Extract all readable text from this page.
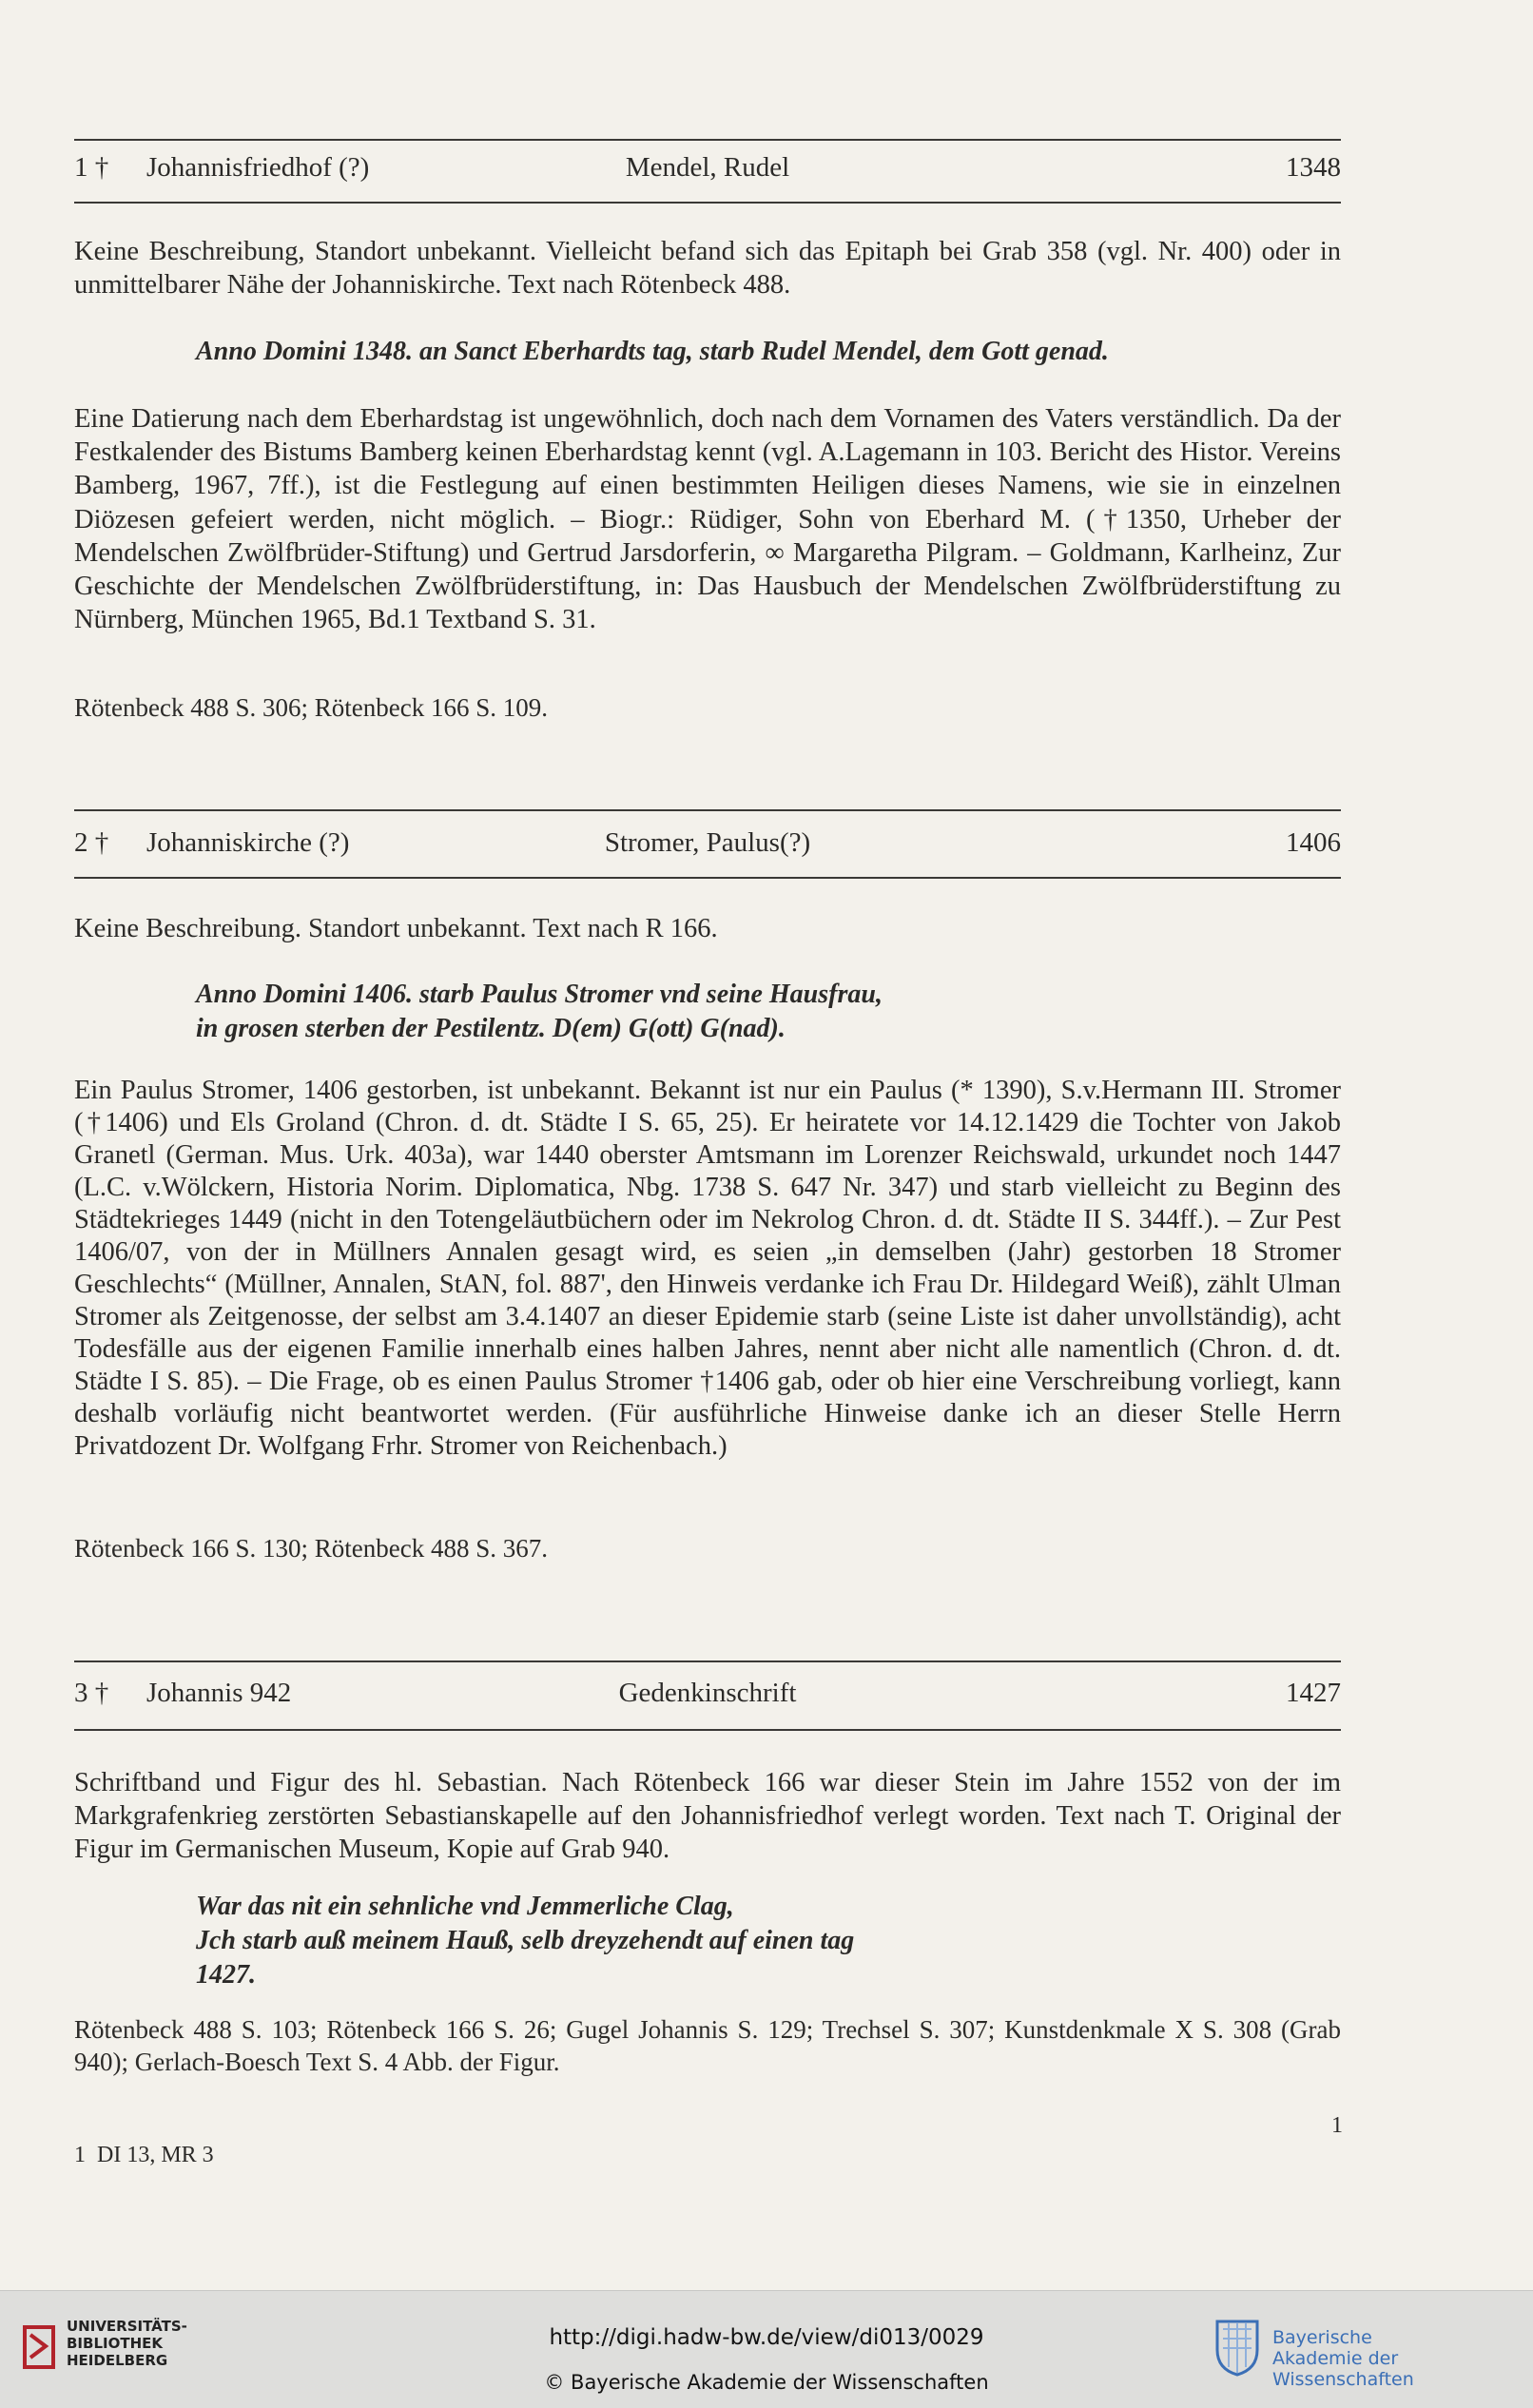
1 † Johannisfriedhof (?)	Mendel, Rudel	1348

Keine Beschreibung, Standort unbekannt. Vielleicht befand sich das Epitaph bei Grab 358 (vgl. Nr. 400) oder in unmittelbarer Nähe der Johanniskirche. Text nach Rötenbeck 488.

Anno Domini 1348. an Sanct Eberhardts tag, starb Rudel Mendel, dem Gott genad.

Eine Datierung nach dem Eberhardstag ist ungewöhnlich, doch nach dem Vornamen des Vaters verständlich. Da der Festkalender des Bistums Bamberg keinen Eberhardstag kennt (vgl. A.Lagemann in 103. Bericht des Histor. Vereins Bamberg, 1967, 7ff.), ist die Festlegung auf einen bestimmten Heiligen dieses Namens, wie sie in einzelnen Diözesen gefeiert werden, nicht möglich. – Biogr.: Rüdiger, Sohn von Eberhard M. (†1350, Urheber der Mendelschen Zwölfbrüder-Stiftung) und Gertrud Jarsdorferin, ∞ Margaretha Pilgram. – Goldmann, Karlheinz, Zur Geschichte der Mendelschen Zwölfbrüderstiftung, in: Das Hausbuch der Mendelschen Zwölfbrüderstiftung zu Nürnberg, München 1965, Bd.1 Textband S. 31.

Rötenbeck 488 S. 306; Rötenbeck 166 S. 109.

2 † Johanniskirche (?)	Stromer, Paulus(?)	1406

Keine Beschreibung. Standort unbekannt. Text nach R 166.

Anno Domini 1406. starb Paulus Stromer vnd seine Hausfrau,
in grosen sterben der Pestilentz. D(em) G(ott) G(nad).

Ein Paulus Stromer, 1406 gestorben, ist unbekannt. Bekannt ist nur ein Paulus (* 1390), S.v.Hermann III. Stromer (†1406) und Els Groland (Chron. d. dt. Städte I S. 65, 25). Er heiratete vor 14.12.1429 die Tochter von Jakob Granetl (German. Mus. Urk. 403a), war 1440 oberster Amtsmann im Lorenzer Reichswald, urkundet noch 1447 (L.C. v.Wölckern, Historia Norim. Diplomatica, Nbg. 1738 S. 647 Nr. 347) und starb vielleicht zu Beginn des Städtekrieges 1449 (nicht in den Totengeläutbüchern oder im Nekrolog Chron. d. dt. Städte II S. 344ff.). – Zur Pest 1406/07, von der in Müllners Annalen gesagt wird, es seien „in demselben (Jahr) gestorben 18 Stromer Geschlechts“ (Müllner, Annalen, StAN, fol. 887', den Hinweis verdanke ich Frau Dr. Hildegard Weiß), zählt Ulman Stromer als Zeitgenosse, der selbst am 3.4.1407 an dieser Epidemie starb (seine Liste ist daher unvollständig), acht Todesfälle aus der eigenen Familie innerhalb eines halben Jahres, nennt aber nicht alle namentlich (Chron. d. dt. Städte I S. 85). – Die Frage, ob es einen Paulus Stromer †1406 gab, oder ob hier eine Verschreibung vorliegt, kann deshalb vorläufig nicht beantwortet werden. (Für ausführliche Hinweise danke ich an dieser Stelle Herrn Privatdozent Dr. Wolfgang Frhr. Stromer von Reichenbach.)

Rötenbeck 166 S. 130; Rötenbeck 488 S. 367.

3 † Johannis 942	Gedenkinschrift	1427

Schriftband und Figur des hl. Sebastian. Nach Rötenbeck 166 war dieser Stein im Jahre 1552 von der im Markgrafenkrieg zerstörten Sebastianskapelle auf den Johannisfriedhof verlegt worden. Text nach T. Original der Figur im Germanischen Museum, Kopie auf Grab 940.

War das nit ein sehnliche vnd Jemmerliche Clag,
Jch starb auß meinem Hauß, selb dreyzehendt auf einen tag
1427.

Rötenbeck 488 S. 103; Rötenbeck 166 S. 26; Gugel Johannis S. 129; Trechsel S. 307; Kunstdenkmale X S. 308 (Grab 940); Gerlach-Boesch Text S. 4 Abb. der Figur.

1
1  DI 13, MR 3
UNIVERSITÄTS-
BIBLIOTHEK
HEIDELBERG
http://digi.hadw-bw.de/view/di013/0029
© Bayerische Akademie der Wissenschaften
Bayerische
Akademie der Wissenschaften
